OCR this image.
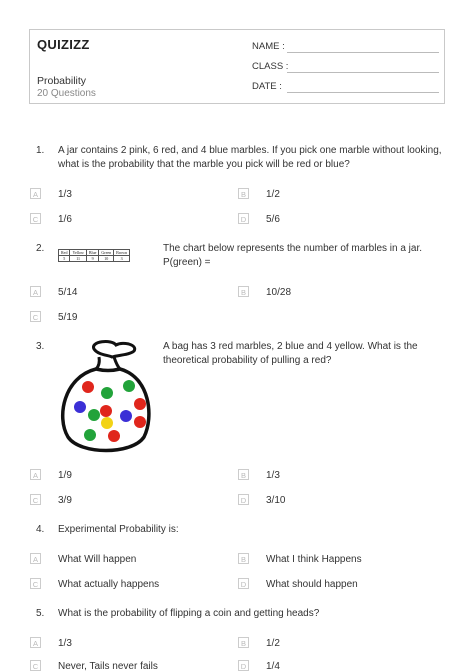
QUIZIZZ
Probability
20 Questions
NAME :
CLASS :
DATE :
1. A jar contains 2 pink, 6 red, and 4 blue marbles. If you pick one marble without looking,
what is the probability that the marble you pick will be red or blue?
A	1/3	B	1/2
C 1/6	D 5/6
2.	Red	Yellow	Blue	Green	Brown
5	11	9	10	3
The chart below represents the number of marbles in a jar.
P(green) =
A	5/14	B	10/28
C 5/19
3.	A bag has 3 red marbles, 2 blue and 4 yellow. What is the
theoretical probability of pulling a red?
A	1/9	B	1/3
C 3/9	D 3/10
4. Experimental Probability is:
A	What Will happen	B	What I think Happens
C What actually happens	D What should happen
5. What is the probability of flipping a coin and getting heads?
A	1/3	B	1/2
C Never, Tails never fails	D 1/4
